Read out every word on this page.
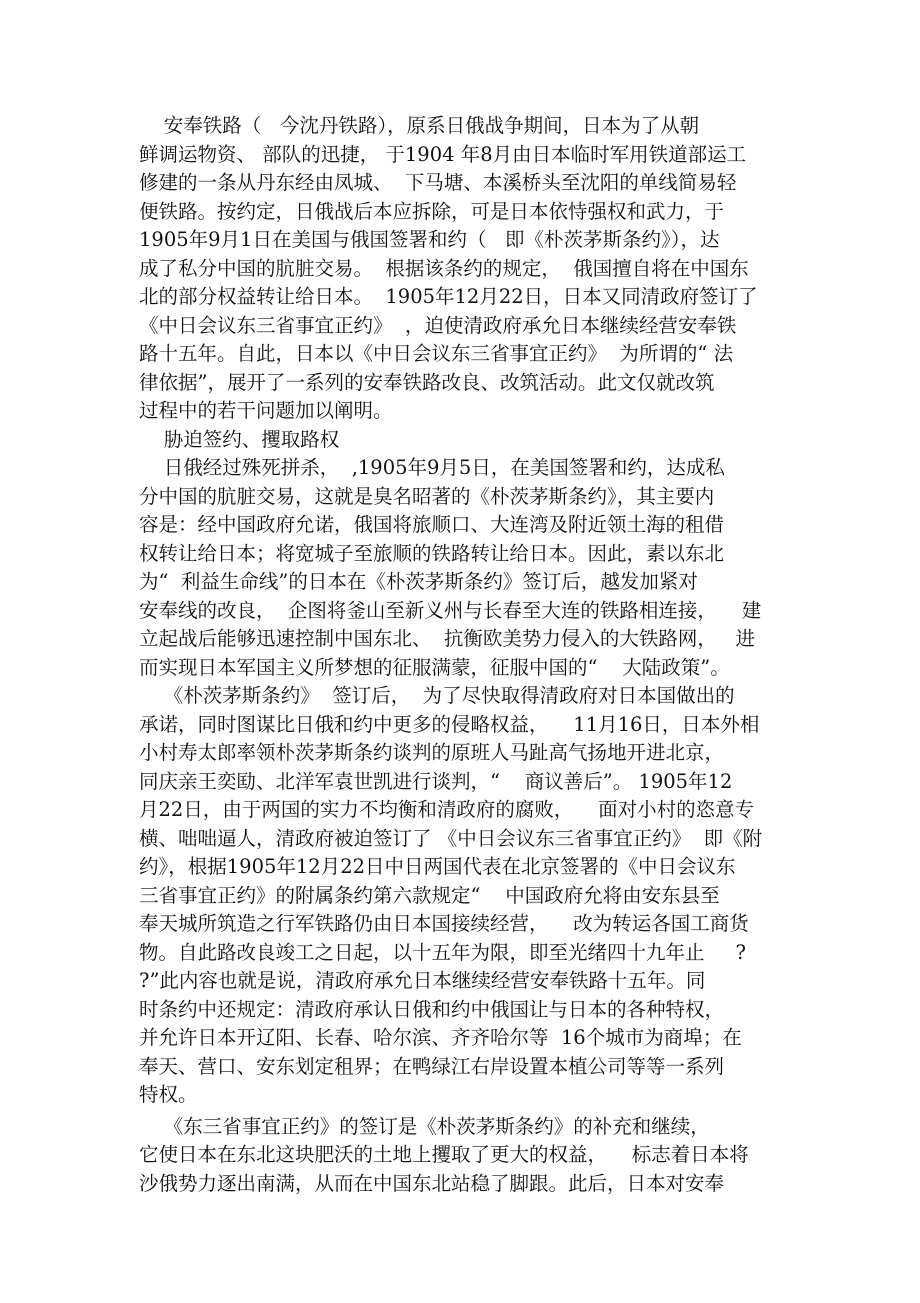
安奉铁路（   今沈丹铁路），原系日俄战争期间，日本为了从朝
鲜调运物资、 部队的迅捷， 于1904 年8月由日本临时军用铁道部运工
修建的一条从丹东经由凤城、  下马塘、本溪桥头至沈阳的单线简易轻
便铁路。按约定，日俄战后本应拆除，可是日本依恃强权和武力，于
1905年9月1日在美国与俄国签署和约（   即《朴茨茅斯条约》），达
成了私分中国的肮脏交易。  根据该条约的规定，  俄国擅自将在中国东
北的部分权益转让给日本。  1905年12月22日，日本又同清政府签订了
《中日会议东三省事宜正约》  ，迫使清政府承允日本继续经营安奉铁
路十五年。自此，日本以《中日会议东三省事宜正约》  为所谓的“ 法
律依据”，展开了一系列的安奉铁路改良、改筑活动。此文仅就改筑
过程中的若干问题加以阐明。
胁迫签约、攫取路权
日俄经过殊死拼杀，  ,1905年9月5日，在美国签署和约，达成私
分中国的肮脏交易，这就是臭名昭著的《朴茨茅斯条约》，其主要内
容是：经中国政府允诺，俄国将旅顺口、大连湾及附近领土海的租借
权转让给日本；将宽城子至旅顺的铁路转让给日本。因此，素以东北
为“  利益生命线”的日本在《朴茨茅斯条约》签订后，越发加紧对
安奉线的改良，  企图将釜山至新义州与长春至大连的铁路相连接，    建
立起战后能够迅速控制中国东北、  抗衡欧美势力侵入的大铁路网，   进
而实现日本军国主义所梦想的征服满蒙，征服中国的“    大陆政策”。
《朴茨茅斯条约》  签订后，  为了尽快取得清政府对日本国做出的
承诺，同时图谋比日俄和约中更多的侵略权益，    11月16日，日本外相
小村寿太郎率领朴茨茅斯条约谈判的原班人马趾高气扬地开进北京，
同庆亲王奕劻、北洋军袁世凯进行谈判，“    商议善后”。 1905年12
月22日，由于两国的实力不均衡和清政府的腐败，    面对小村的恣意专
横、咄咄逼人，清政府被迫签订了 《中日会议东三省事宜正约》  即《附
约》，根据1905年12月22日中日两国代表在北京签署的《中日会议东
三省事宜正约》的附属条约第六款规定“    中国政府允将由安东县至
奉天城所筑造之行军铁路仍由日本国接续经营，    改为转运各国工商货
物。自此路改良竣工之日起，以十五年为限，即至光绪四十九年止     ?
?”此内容也就是说，清政府承允日本继续经营安奉铁路十五年。同
时条约中还规定：清政府承认日俄和约中俄国让与日本的各种特权，
并允许日本开辽阳、长春、哈尔滨、齐齐哈尔等  16个城市为商埠；在
奉天、营口、安东划定租界；在鸭绿江右岸设置本植公司等等一系列
特权。
《东三省事宜正约》的签订是《朴茨茅斯条约》的补充和继续，
它使日本在东北这块肥沃的土地上攫取了更大的权益，    标志着日本将
沙俄势力逐出南满，从而在中国东北站稳了脚跟。此后，日本对安奉
